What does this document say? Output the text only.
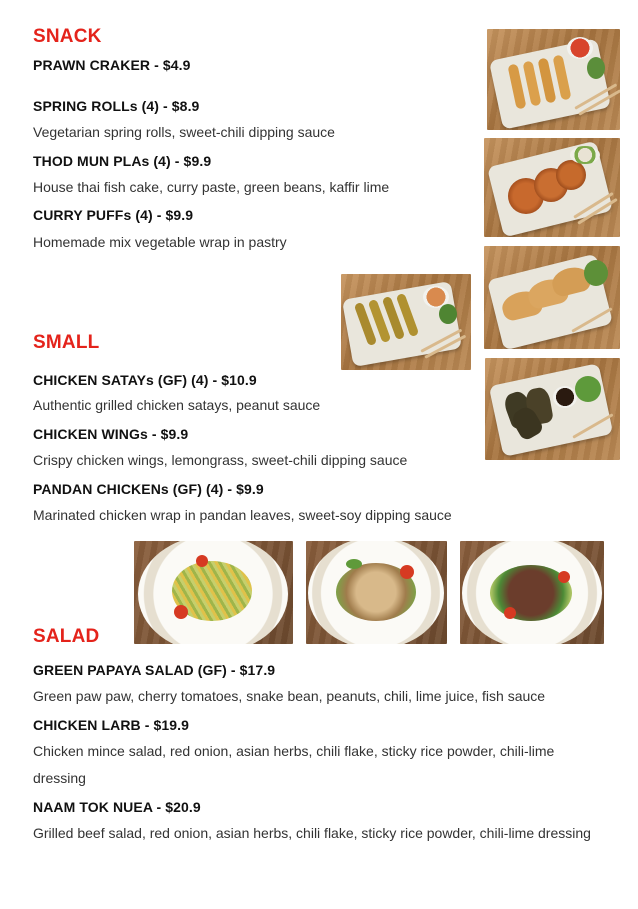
SNACK

PRAWN CRAKER - $4.9

SPRING ROLLs (4) - $8.9

Vegetarian spring rolls, sweet-chili dipping sauce

THOD MUN PLAs (4) - $9.9

House thai fish cake, curry paste, green beans, kaffir lime

CURRY PUFFs (4) - $9.9

Homemade mix vegetable wrap in pastry

SMALL

CHICKEN SATAYs (GF) (4) - $10.9

Authentic grilled chicken satays, peanut sauce

CHICKEN WINGs - $9.9

Crispy chicken wings, lemongrass, sweet-chili dipping sauce

PANDAN CHICKENs (GF) (4) - $9.9

Marinated chicken wrap in pandan leaves, sweet-soy dipping sauce

SALAD

GREEN PAPAYA SALAD (GF) - $17.9

Green paw paw, cherry tomatoes, snake bean, peanuts, chili, lime juice, fish sauce

CHICKEN LARB - $19.9

Chicken mince salad, red onion, asian herbs, chili flake, sticky rice powder, chili-lime dressing

NAAM TOK NUEA - $20.9

Grilled beef salad, red onion, asian herbs, chili flake, sticky rice powder, chili-lime dressing
